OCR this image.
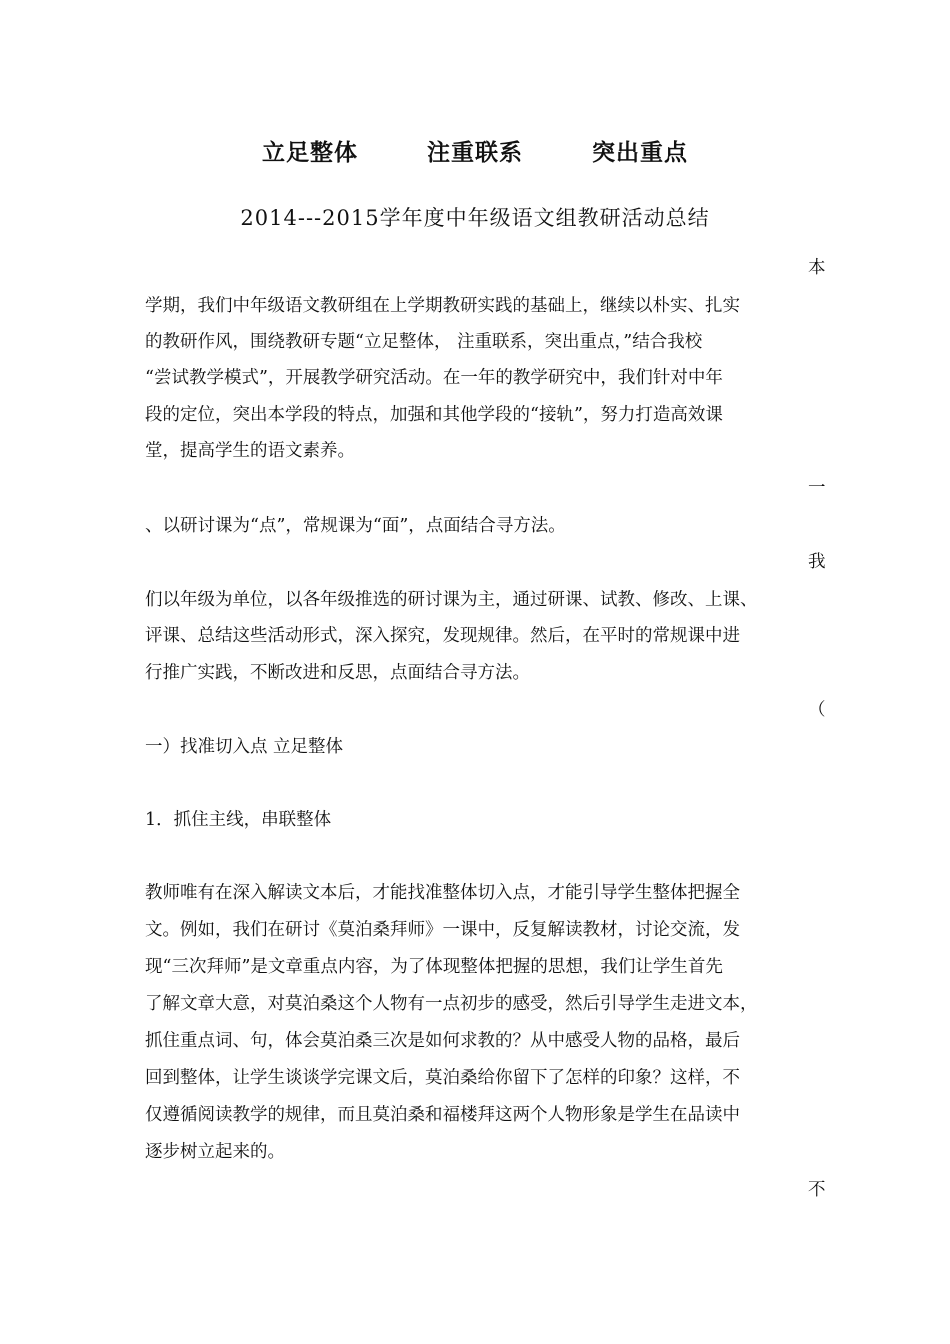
立足整体	注重联系	突出重点
2014---2015学年度中年级语文组教研活动总结
本
学期，我们中年级语文教研组在上学期教研实践的基础上，继续以朴实、扎实
的教研作风，围绕教研专题“立足整体， 注重联系，突出重点，”结合我校
“尝试教学模式”，开展教学研究活动。在一年的教学研究中，我们针对中年
段的定位，突出本学段的特点，加强和其他学段的“接轨”，努力打造高效课
堂，提高学生的语文素养。
一
、以研讨课为“点”，常规课为“面”，点面结合寻方法。
我
们以年级为单位，以各年级推选的研讨课为主，通过研课、试教、修改、上课、
评课、总结这些活动形式，深入探究，发现规律。然后，在平时的常规课中进
行推广实践，不断改进和反思，点面结合寻方法。
（
一）找准切入点 立足整体
1．抓住主线，串联整体
教师唯有在深入解读文本后，才能找准整体切入点，才能引导学生整体把握全
文。例如，我们在研讨《莫泊桑拜师》一课中，反复解读教材，讨论交流，发
现“三次拜师”是文章重点内容，为了体现整体把握的思想，我们让学生首先
了解文章大意，对莫泊桑这个人物有一点初步的感受，然后引导学生走进文本，
抓住重点词、句，体会莫泊桑三次是如何求教的？从中感受人物的品格，最后
回到整体，让学生谈谈学完课文后，莫泊桑给你留下了怎样的印象？这样，不
仅遵循阅读教学的规律，而且莫泊桑和福楼拜这两个人物形象是学生在品读中
逐步树立起来的。
不
